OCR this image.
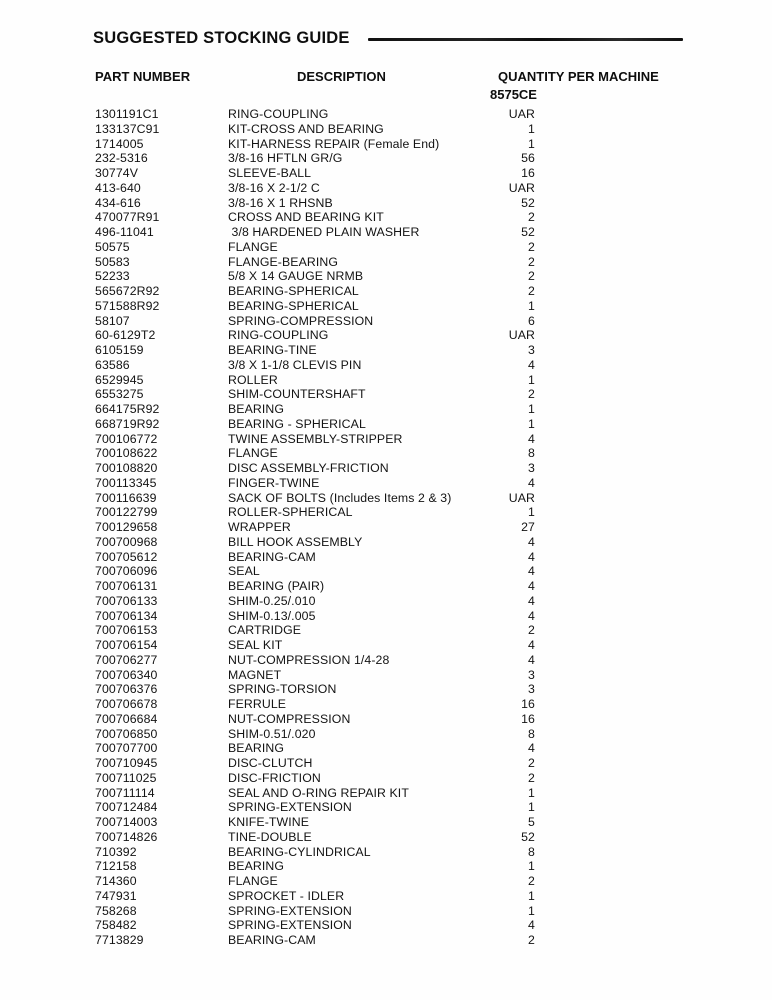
SUGGESTED STOCKING GUIDE
PART NUMBER	DESCRIPTION	QUANTITY PER MACHINE
8575CE
1301191C1	RING-COUPLING	UAR
133137C91	KIT-CROSS AND BEARING	1
1714005	KIT-HARNESS REPAIR (Female End)	1
232-5316	3/8-16 HFTLN GR/G	56
30774V	SLEEVE-BALL	16
413-640	3/8-16 X 2-1/2 C	UAR
434-616	3/8-16 X 1 RHSNB	52
470077R91	CROSS AND BEARING KIT	2
496-11041	3/8 HARDENED PLAIN WASHER	52
50575	FLANGE	2
50583	FLANGE-BEARING	2
52233	5/8 X 14 GAUGE NRMB	2
565672R92	BEARING-SPHERICAL	2
571588R92	BEARING-SPHERICAL	1
58107	SPRING-COMPRESSION	6
60-6129T2	RING-COUPLING	UAR
6105159	BEARING-TINE	3
63586	3/8 X 1-1/8 CLEVIS PIN	4
6529945	ROLLER	1
6553275	SHIM-COUNTERSHAFT	2
664175R92	BEARING	1
668719R92	BEARING - SPHERICAL	1
700106772	TWINE ASSEMBLY-STRIPPER	4
700108622	FLANGE	8
700108820	DISC ASSEMBLY-FRICTION	3
700113345	FINGER-TWINE	4
700116639	SACK OF BOLTS (Includes Items 2 & 3)	UAR
700122799	ROLLER-SPHERICAL	1
700129658	WRAPPER	27
700700968	BILL HOOK ASSEMBLY	4
700705612	BEARING-CAM	4
700706096	SEAL	4
700706131	BEARING (PAIR)	4
700706133	SHIM-0.25/.010	4
700706134	SHIM-0.13/.005	4
700706153	CARTRIDGE	2
700706154	SEAL KIT	4
700706277	NUT-COMPRESSION 1/4-28	4
700706340	MAGNET	3
700706376	SPRING-TORSION	3
700706678	FERRULE	16
700706684	NUT-COMPRESSION	16
700706850	SHIM-0.51/.020	8
700707700	BEARING	4
700710945	DISC-CLUTCH	2
700711025	DISC-FRICTION	2
700711114	SEAL AND O-RING REPAIR KIT	1
700712484	SPRING-EXTENSION	1
700714003	KNIFE-TWINE	5
700714826	TINE-DOUBLE	52
710392	BEARING-CYLINDRICAL	8
712158	BEARING	1
714360	FLANGE	2
747931	SPROCKET - IDLER	1
758268	SPRING-EXTENSION	1
758482	SPRING-EXTENSION	4
7713829	BEARING-CAM	2
